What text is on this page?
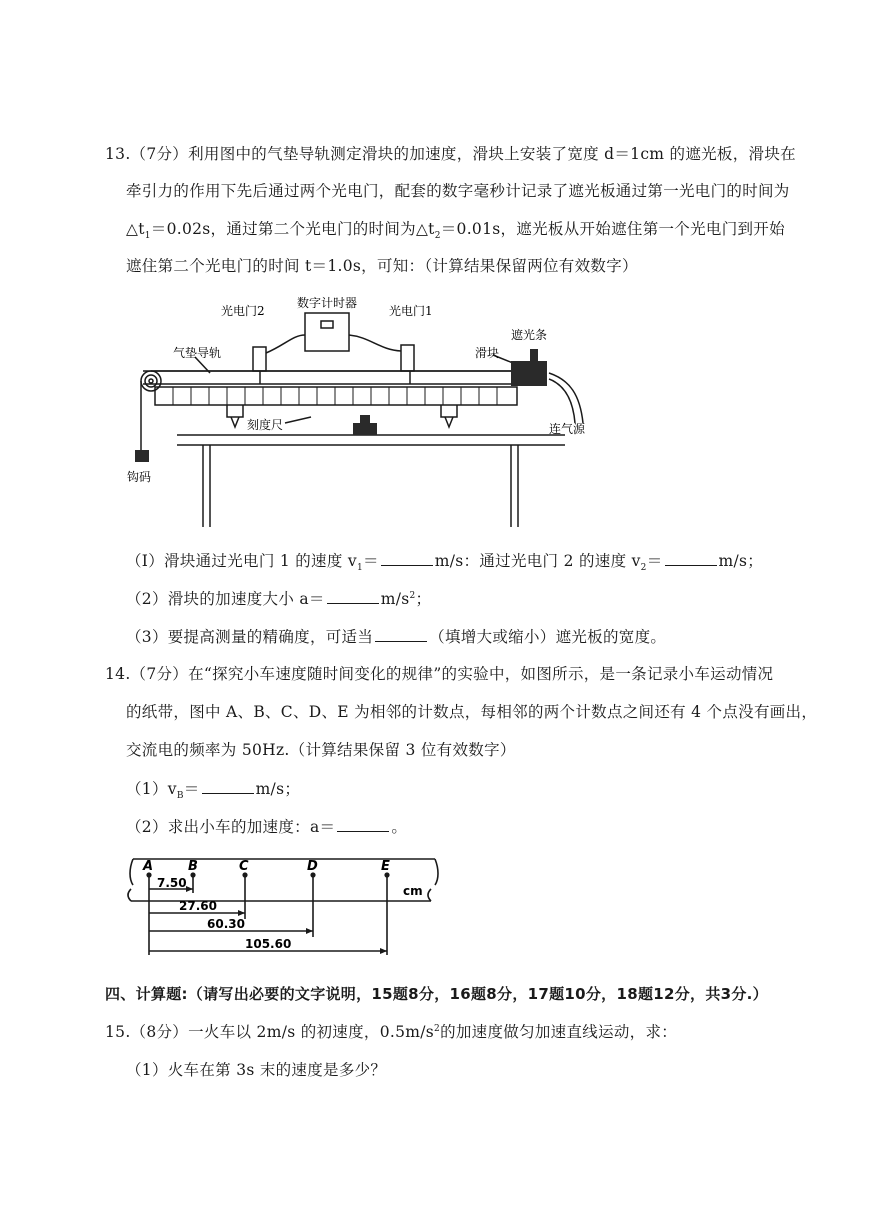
13.（7分）利用图中的气垫导轨测定滑块的加速度，滑块上安装了宽度 d＝1cm 的遮光板，滑块在
牵引力的作用下先后通过两个光电门，配套的数字毫秒计记录了遮光板通过第一光电门的时间为
$\triangle t_1=0.02s$，通过第二个光电门的时间为$\triangle t_2=0.01s$，遮光板从开始遮住第一个光电门到开始
遮住第二个光电门的时间 t＝1.0s，可知：（计算结果保留两位有效数字）
光电门2
数字计时器
光电门1
遮光条
气垫导轨	滑块
刻度尺	连气源
钩码
（I）滑块通过光电门 1 的速度 $v_1=$	m/s：通过光电门 2 的速度 $v_2=$	m/s；
（2）滑块的加速度大小 a＝	$m/s^2$；
（3）要提高测量的精确度，可适当	（填增大或缩小）遮光板的宽度。
14.（7分）在“探究小车速度随时间变化的规律”的实验中，如图所示，是一条记录小车运动情况
的纸带，图中 A、B、C、D、E 为相邻的计数点，每相邻的两个计数点之间还有 4 个点没有画出，
交流电的频率为 50Hz.（计算结果保留 3 位有效数字）
$(1)v_B=$	m/s；
（2）求出小车的加速度：a＝	。
A	B	C	D	E
cm
7.50
27.60
60.30
105.60
四、计算题:（请写出必要的文字说明，15题8分，16题8分，17题10分，18题12分，共3分.）
15.（8分）一火车以 2m/s 的初速度，$0.5m/s^2$的加速度做匀加速直线运动，求：
（1）火车在第 3s 末的速度是多少？
